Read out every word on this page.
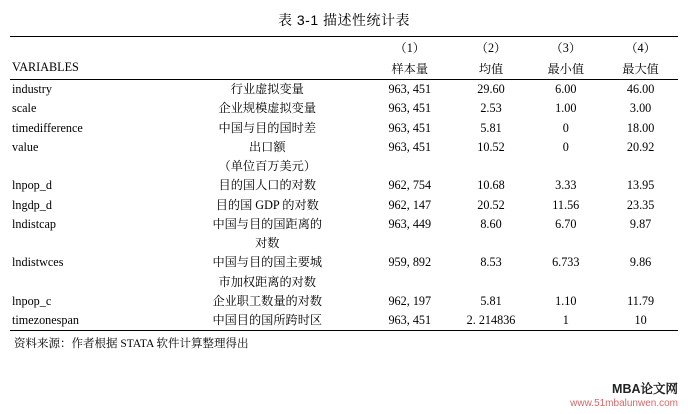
表 3-1 描述性统计表
		（1）	（2）	（3）	（4）
VARIABLES		样本量	均值	最小值	最大值
industry	行业虚拟变量	963, 451	29.60	6.00	46.00
scale	企业规模虚拟变量	963, 451	2.53	1.00	3.00
timedifference	中国与目的国时差	963, 451	5.81	0	18.00
value	出口额	963, 451	10.52	0	20.92
	（单位百万美元）				
lnpop_d	目的国人口的对数	962, 754	10.68	3.33	13.95
lngdp_d	目的国 GDP 的对数	962, 147	20.52	11.56	23.35
lndistcap	中国与目的国距离的	963, 449	8.60	6.70	9.87
	对数				
lndistwces	中国与目的国主要城	959, 892	8.53	6.733	9.86
	市加权距离的对数				
lnpop_c	企业职工数量的对数	962, 197	5.81	1.10	11.79
timezonespan	中国目的国所跨时区	963, 451	2. 214836	1	10
资料来源：作者根据 STATA 软件计算整理得出
MBA论文网
www.51mbalunwen.com
